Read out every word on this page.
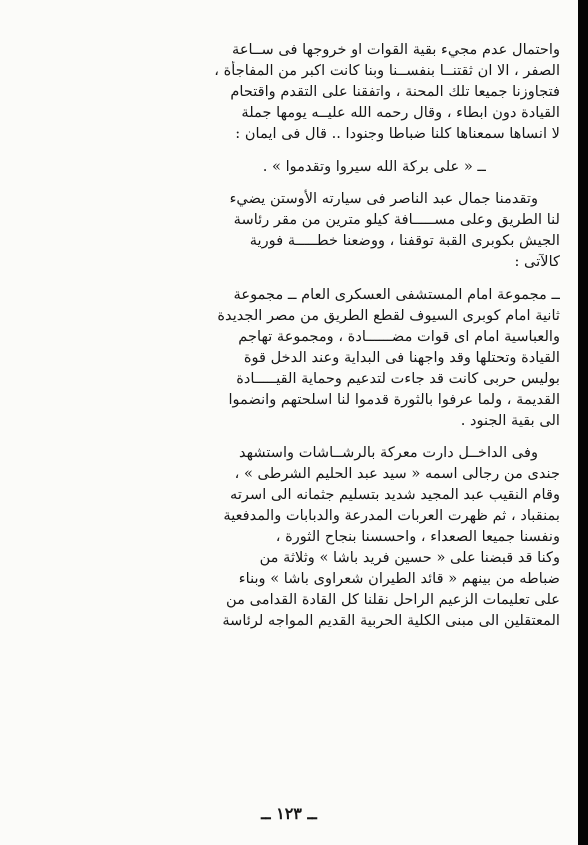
واحتمال عدم مجيء بقية القوات او خروجها فى ســاعة
الصفر ، الا ان ثقتنــا بنفســنا وبنا كانت اكبر من المفاجأة ،
فتجاوزنا جميعا تلك المحنة ، واتفقنا على التقدم واقتحام
القيادة دون ابطاء ، وقال رحمه الله عليــه يومها جملة
لا انساها سمعناها كلنا ضباطا وجنودا .. قال فى ايمان :

ــ « على بركة الله سيروا وتقدموا » .

وتقدمنا جمال عبد الناصر فى سيارته الأوستن يضيء
لنا الطريق وعلى مســـــافة كيلو مترين من مقر رئاسة
الجيش بكوبرى القبة توقفنا ، ووضعنا خطـــــة فورية
كالآتى :

ــ مجموعة امام المستشفى العسكرى العام ــ مجموعة
ثانية امام كوبرى السيوف لقطع الطريق من مصر الجديدة
والعباسية امام اى قوات مضــــــادة ، ومجموعة تهاجم
القيادة وتحتلها وقد واجهنا فى البداية وعند الدخل قوة
بوليس حربى كانت قد جاءت لتدعيم وحماية القيـــــادة
القديمة ، ولما عرفوا بالثورة قدموا لنا اسلحتهم وانضموا
الى بقية الجنود .

وفى الداخــل دارت معركة بالرشــاشات واستشهد
جندى من رجالى اسمه « سيد عبد الحليم الشرطى » ،
وقام النقيب عبد المجيد شديد بتسليم جثمانه الى اسرته
بمنقباد ، ثم ظهرت العربات المدرعة والدبابات والمدفعية
ونفسنا جميعا الصعداء ، واحسسنا بنجاح الثورة ،
وكنا قد قبضنا على « حسين فريد باشا » وثلاثة من
ضباطه من بينهم « قائد الطيران شعراوى باشا » وبناء
على تعليمات الزعيم الراحل نقلنا كل القادة القدامى من
المعتقلين الى مبنى الكلية الحربية القديم المواجه لرئاسة

ــ ١٢٣ ــ
